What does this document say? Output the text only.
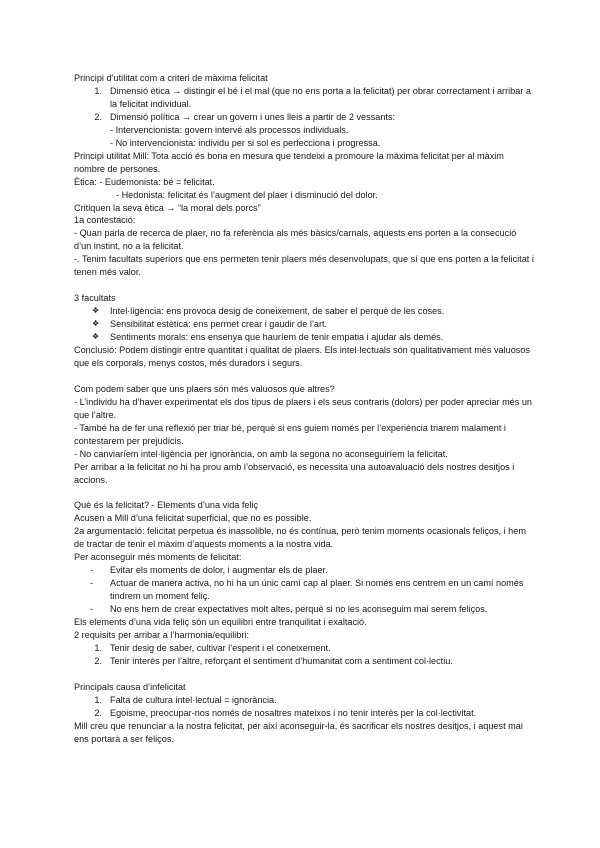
Principi d’utilitat com a criteri de màxima felicitat

1. Dimensió ètica → distingir el bé i el mal (que no ens porta a la felicitat) per obrar correctament i arribar a la felicitat individual.
2. Dimensió política → crear un govern i unes lleis a partir de 2 vessants:

- Intervencionista: govern intervé als processos individuals.

- No intervencionista: individu per si sol es perfecciona i progressa.

Principi utilitat Mill: Tota acció és bona en mesura que tendeixi a promoure la màxima felicitat per al màxim nombre de persones.

Ètica: - Eudemonista: bé = felicitat.

- Hedonista: felicitat és l’augment del plaer i disminució del dolor.

Critiquen la seva ètica → “la moral dels porcs”

1a contestació:

- Quan parla de recerca de plaer, no fa referència als més bàsics/carnals, aquests ens porten a la consecució d’un instint, no a la felicitat.

-. Tenim facultats superiors que ens permeten tenir plaers més desenvolupats, que sí que ens porten a la felicitat i tenen més valor.

3 facultats

❖	Intel·ligència: ens provoca desig de coneixement, de saber el perquè de les coses.
❖	Sensibilitat estètica: ens permet crear i gaudir de l’art.
❖	Sentiments morals: ens ensenya que hauríem de tenir empatia i ajudar als demés.

Conclusió: Podem distingir entre quantitat i qualitat de plaers. Els intel·lectuals són qualitativament més valuosos que els corporals, menys costos, més duradors i segurs.

Com podem saber que uns plaers són més valuosos que altres?

- L’individu ha d’haver experimentat els dos tipus de plaers i els seus contraris (dolors) per poder apreciar més un que l’altre.

- També ha de fer una reflexió per triar bé, perquè si ens guiem només per l’experiència triarem malament i contestarem per prejudicis.

- No canviaríem intel·ligència per ignorància, on amb la segona no aconseguiríem la felicitat.

Per arribar a la felicitat no hi ha prou amb l’observació, es necessita una autoavaluació dels nostres desitjos i accions.

Què és la felicitat? - Elements d’una vida feliç

Acusen a Mill d’una felicitat superficial, que no es possible.

2a argumentació: felicitat perpetua és inassolible, no és contínua, però tenim moments ocasionals feliços, i hem de tractar de tenir el màxim d’aquests moments a la nostra vida.

Per aconseguir més moments de felicitat:

-	Evitar els moments de dolor, i augmentar els de plaer.
-	Actuar de manera activa, no hi ha un únic camí cap al plaer. Si només ens centrem en un camí només tindrem un moment feliç.
-	No ens hem de crear expectatives molt altes, perquè si no les aconseguim mai serem feliços.

Els elements d’una vida feliç són un equilibri entre tranquilitat i exaltació.

2 requisits per arribar a l’harmonia/equilibri:

1. Tenir desig de saber, cultivar l’esperit i el coneixement.
2. Tenir interès per l’altre, reforçant el sentiment d’humanitat com a sentiment col·lectiu.

Principals causa d’infelicitat

1. Falta de cultura intel·lectual = ignorància.
2. Egoisme, preocupar-nos només de nosaltres mateixos i no tenir interès per la col·lectivitat.

Mill creu que renunciar a la nostra felicitat, per així aconseguir-la, és sacrificar els nostres desitjos, i aquest mai ens portarà a ser feliços.
